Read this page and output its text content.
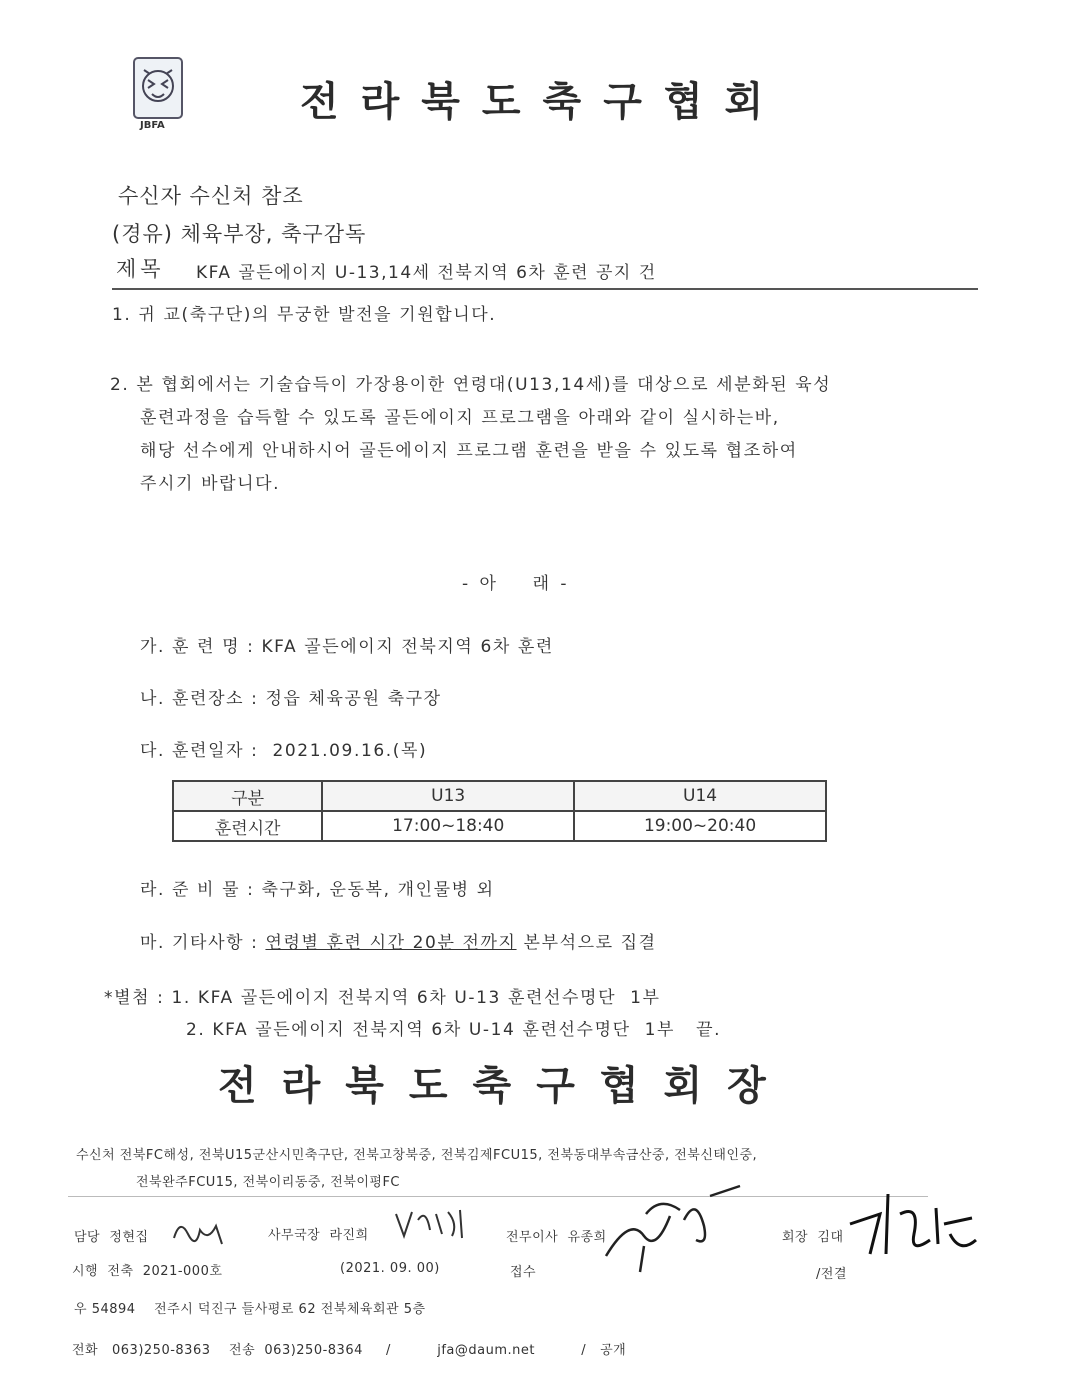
JBFA
전라북도축구협회
수신자 수신처 참조
(경유) 체육부장, 축구감독
제목 KFA 골든에이지 U-13,14세 전북지역 6차 훈련 공지 건
1. 귀 교(축구단)의 무궁한 발전을 기원합니다.
2. 본 협회에서는 기술습득이 가장용이한 연령대(U13,14세)를 대상으로 세분화된 육성
훈련과정을 습득할 수 있도록 골든에이지 프로그램을 아래와 같이 실시하는바,
해당 선수에게 안내하시어 골든에이지 프로그램 훈련을 받을 수 있도록 협조하여
주시기 바랍니다.
- 아    래 -
가. 훈 련 명 : KFA 골든에이지 전북지역 6차 훈련
나. 훈련장소 : 정읍 체육공원 축구장
다. 훈련일자 :  2021.09.16.(목)
구분	U13	U14
훈련시간	17:00~18:40	19:00~20:40
라. 준 비 물 : 축구화, 운동복, 개인물병 외
마. 기타사항 : 연령별 훈련 시간 20분 전까지 본부석으로 집결
*별첨 : 1. KFA 골든에이지 전북지역 6차 U-13 훈련선수명단  1부
2. KFA 골든에이지 전북지역 6차 U-14 훈련선수명단  1부   끝.
전라북도축구협회장
수신처 전북FC해성, 전북U15군산시민축구단, 전북고창북중, 전북김제FCU15, 전북동대부속금산중, 전북신태인중,
전북완주FCU15, 전북이리동중, 전북이평FC
담당  정현집	사무국장  라진희	전무이사  유종희	회장  김대
시행  전축  2021-000호	(2021. 09. 00)	접수	/전결
우 54894    전주시 덕진구 들사평로 62 전북체육회관 5층
전화   063)250-8363    전송  063)250-8364     /          jfa@daum.net          /   공개
